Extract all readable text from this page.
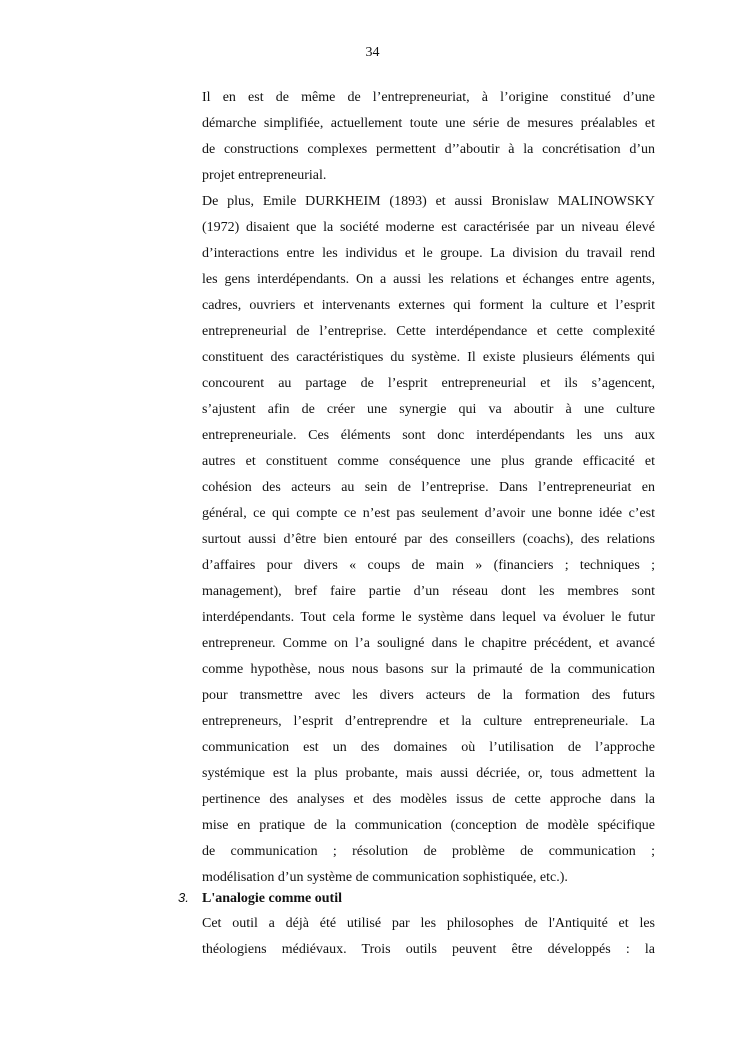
34
Il en est de même de l’entrepreneuriat, à l’origine constitué d’une
démarche simplifiée, actuellement toute une série de mesures préalables et
de constructions complexes permettent d’’aboutir à la concrétisation d’un
projet entrepreneurial.
De plus, Emile DURKHEIM (1893) et aussi Bronislaw MALINOWSKY
(1972) disaient que la société moderne est caractérisée par un niveau élevé
d’interactions entre les individus et le groupe. La division du travail rend
les gens interdépendants. On a aussi les relations et échanges entre agents,
cadres, ouvriers et intervenants externes qui forment la culture et l’esprit
entrepreneurial de l’entreprise. Cette interdépendance et cette complexité
constituent des caractéristiques du système. Il existe plusieurs éléments qui
concourent au partage de l’esprit entrepreneurial et ils s’agencent,
s’ajustent afin de créer une synergie qui va aboutir à une culture
entrepreneuriale. Ces éléments sont donc interdépendants les uns aux
autres et constituent comme conséquence une plus grande efficacité et
cohésion des acteurs au sein de l’entreprise. Dans l’entrepreneuriat en
général, ce qui compte ce n’est pas seulement d’avoir une bonne idée c’est
surtout aussi d’être bien entouré par des conseillers (coachs), des relations
d’affaires pour divers « coups de main » (financiers ; techniques ;
management), bref faire partie d’un réseau dont les membres sont
interdépendants. Tout cela forme le système dans lequel va évoluer le futur
entrepreneur. Comme on l’a souligné dans le chapitre précédent, et avancé
comme hypothèse, nous nous basons sur la primauté de la communication
pour transmettre avec les divers acteurs de la formation des futurs
entrepreneurs, l’esprit d’entreprendre et la culture entrepreneuriale. La
communication est un des domaines où l’utilisation de l’approche
systémique est la plus probante, mais aussi décriée, or, tous admettent la
pertinence des analyses et des modèles issus de cette approche dans la
mise en pratique de la communication (conception de modèle spécifique
de communication ; résolution de problème de communication ;
modélisation d’un système de communication sophistiquée, etc.).
3. L'analogie comme outil
Cet outil a déjà été utilisé par les philosophes de l'Antiquité et les
théologiens médiévaux. Trois outils peuvent être développés : la
